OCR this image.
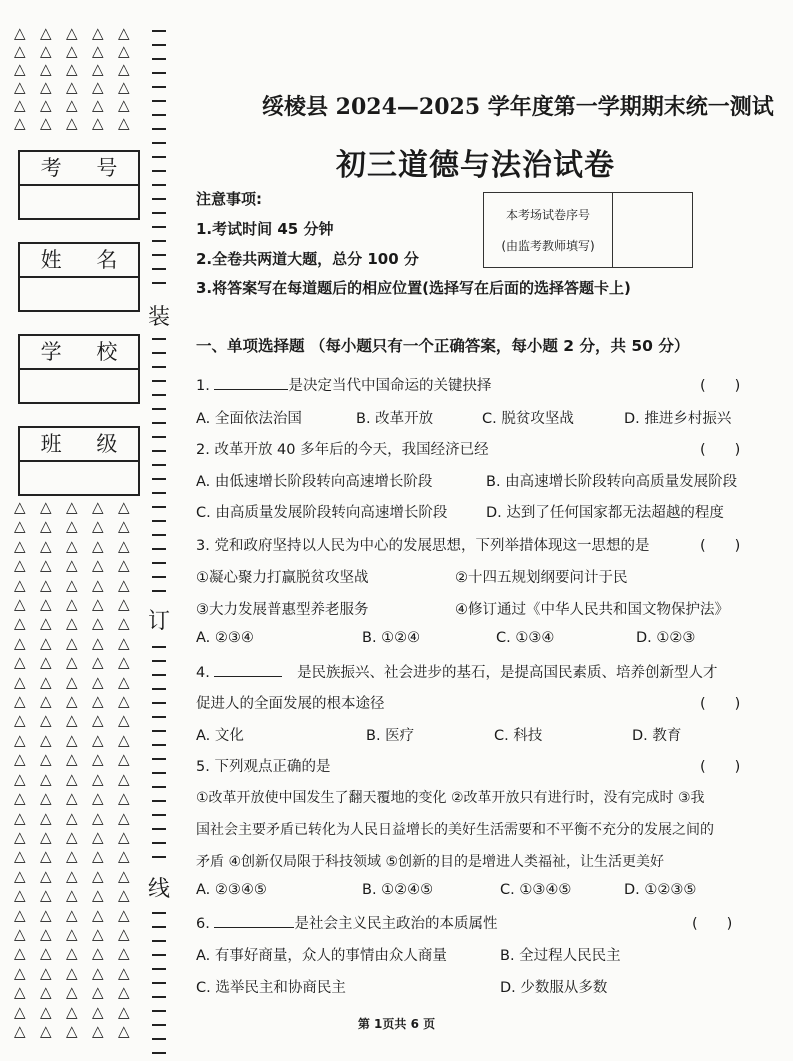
△ △ △ △ △
△ △ △ △ △
△ △ △ △ △
△ △ △ △ △
△ △ △ △ △
△ △ △ △ △
△ △ △ △ △
△ △ △ △ △
△ △ △ △ △
△ △ △ △ △
△ △ △ △ △
△ △ △ △ △
△ △ △ △ △
△ △ △ △ △
△ △ △ △ △
△ △ △ △ △
△ △ △ △ △
△ △ △ △ △
△ △ △ △ △
△ △ △ △ △
△ △ △ △ △
△ △ △ △ △
△ △ △ △ △
△ △ △ △ △
△ △ △ △ △
△ △ △ △ △
△ △ △ △ △
△ △ △ △ △
△ △ △ △ △
△ △ △ △ △
△ △ △ △ △
△ △ △ △ △
△ △ △ △ △
△ △ △ △ △
装
订
线
考 号
姓 名
学 校
班 级
绥棱县 2024—2025 学年度第一学期期末统一测试
初三道德与法治试卷
注意事项:
1.考试时间 45 分钟
2.全卷共两道大题，总分 100 分
3.将答案写在每道题后的相应位置(选择写在后面的选择答题卡上)
本考场试卷序号
(由监考教师填写)
一、单项选择题 （每小题只有一个正确答案，每小题 2 分，共 50 分）
1.	是决定当代中国命运的关键抉择	(　　)
A. 全面依法治国	B. 改革开放	C. 脱贫攻坚战	D. 推进乡村振兴
2. 改革开放 40 多年后的今天，我国经济已经	(　　)
A. 由低速增长阶段转向高速增长阶段	B. 由高速增长阶段转向高质量发展阶段
C. 由高质量发展阶段转向高速增长阶段	D. 达到了任何国家都无法超越的程度
3. 党和政府坚持以人民为中心的发展思想，下列举措体现这一思想的是	(　　)
①凝心聚力打赢脱贫攻坚战	②十四五规划纲要问计于民
③大力发展普惠型养老服务	④修订通过《中华人民共和国文物保护法》
A. ②③④	B. ①②④	C. ①③④	D. ①②③
4.	是民族振兴、社会进步的基石，是提高国民素质、培养创新型人才
促进人的全面发展的根本途径	(　　)
A. 文化	B. 医疗	C. 科技	D. 教育
5. 下列观点正确的是	(　　)
①改革开放使中国发生了翻天覆地的变化 ②改革开放只有进行时，没有完成时 ③我
国社会主要矛盾已转化为人民日益增长的美好生活需要和不平衡不充分的发展之间的
矛盾 ④创新仅局限于科技领域 ⑤创新的目的是增进人类福祉，让生活更美好
A. ②③④⑤	B. ①②④⑤	C. ①③④⑤	D. ①②③⑤
6.	是社会主义民主政治的本质属性	(　　)
A. 有事好商量，众人的事情由众人商量	B. 全过程人民民主
C. 选举民主和协商民主	D. 少数服从多数
第 1页共 6 页
